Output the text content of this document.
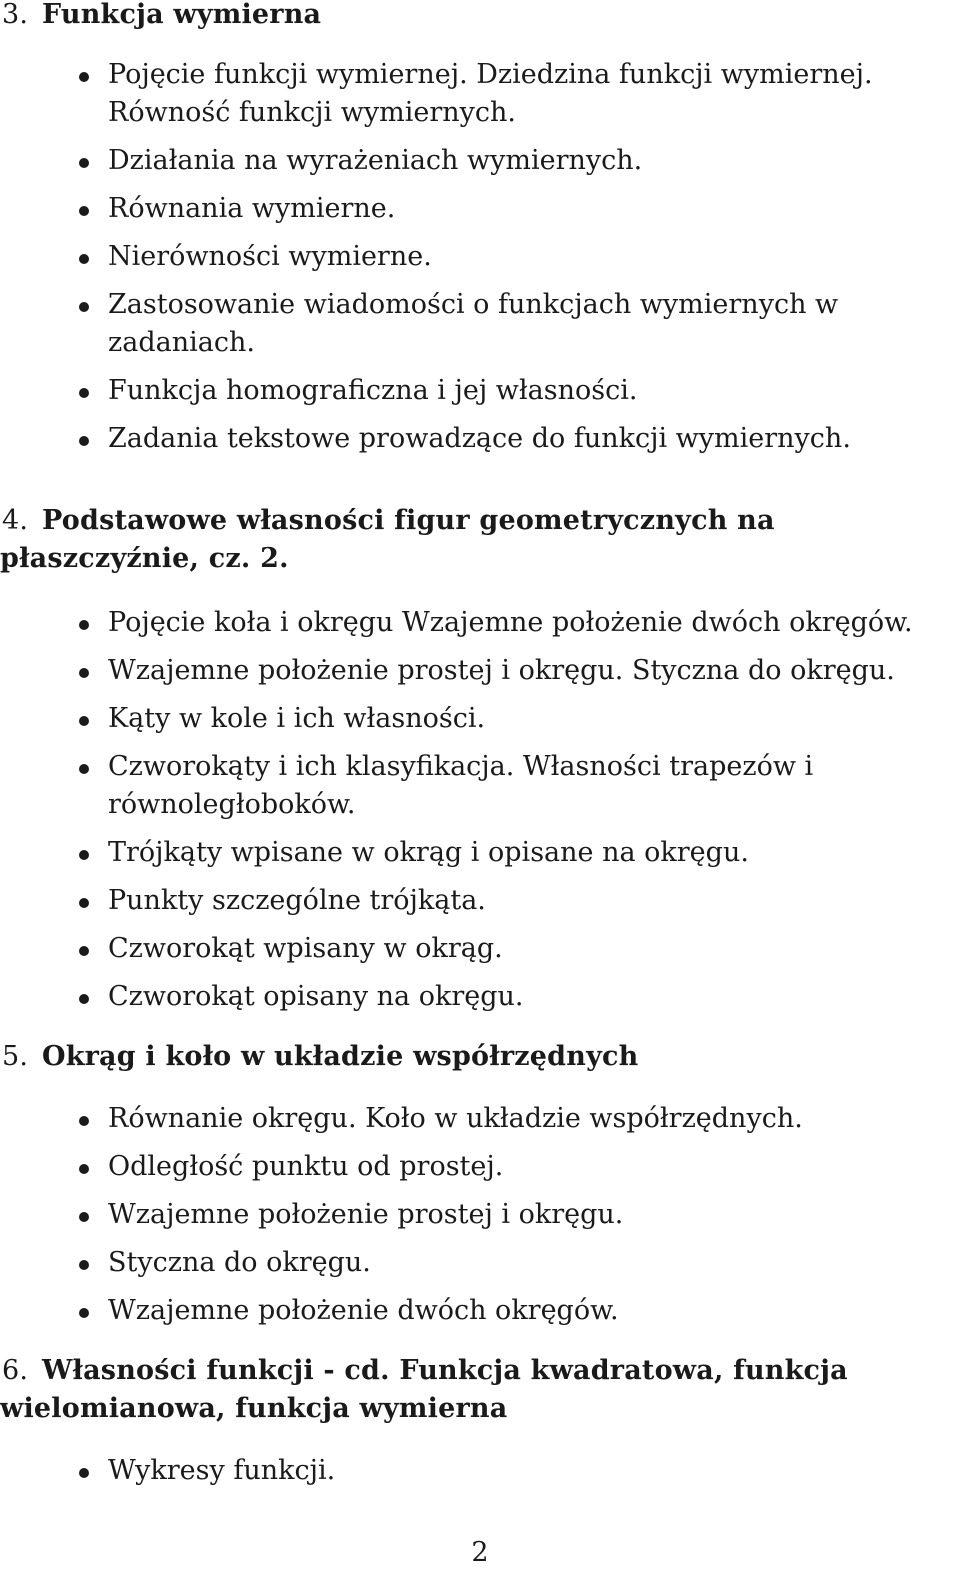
3. Funkcja wymierna
Pojęcie funkcji wymiernej. Dziedzina funkcji wymiernej. Równość funkcji wymiernych.
Działania na wyrażeniach wymiernych.
Równania wymierne.
Nierówności wymierne.
Zastosowanie wiadomości o funkcjach wymiernych w zadaniach.
Funkcja homograficzna i jej własności.
Zadania tekstowe prowadzące do funkcji wymiernych.
4. Podstawowe własności figur geometrycznych na płaszczyźnie, cz. 2.
Pojęcie koła i okręgu Wzajemne położenie dwóch okręgów.
Wzajemne położenie prostej i okręgu. Styczna do okręgu.
Kąty w kole i ich własności.
Czworokąty i ich klasyfikacja. Własności trapezów i równoległoboków.
Trójkąty wpisane w okrąg i opisane na okręgu.
Punkty szczególne trójkąta.
Czworokąt wpisany w okrąg.
Czworokąt opisany na okręgu.
5. Okrąg i koło w układzie współrzędnych
Równanie okręgu. Koło w układzie współrzędnych.
Odległość punktu od prostej.
Wzajemne położenie prostej i okręgu.
Styczna do okręgu.
Wzajemne położenie dwóch okręgów.
6. Własności funkcji - cd. Funkcja kwadratowa, funkcja wielomianowa, funkcja wymierna
Wykresy funkcji.
2
